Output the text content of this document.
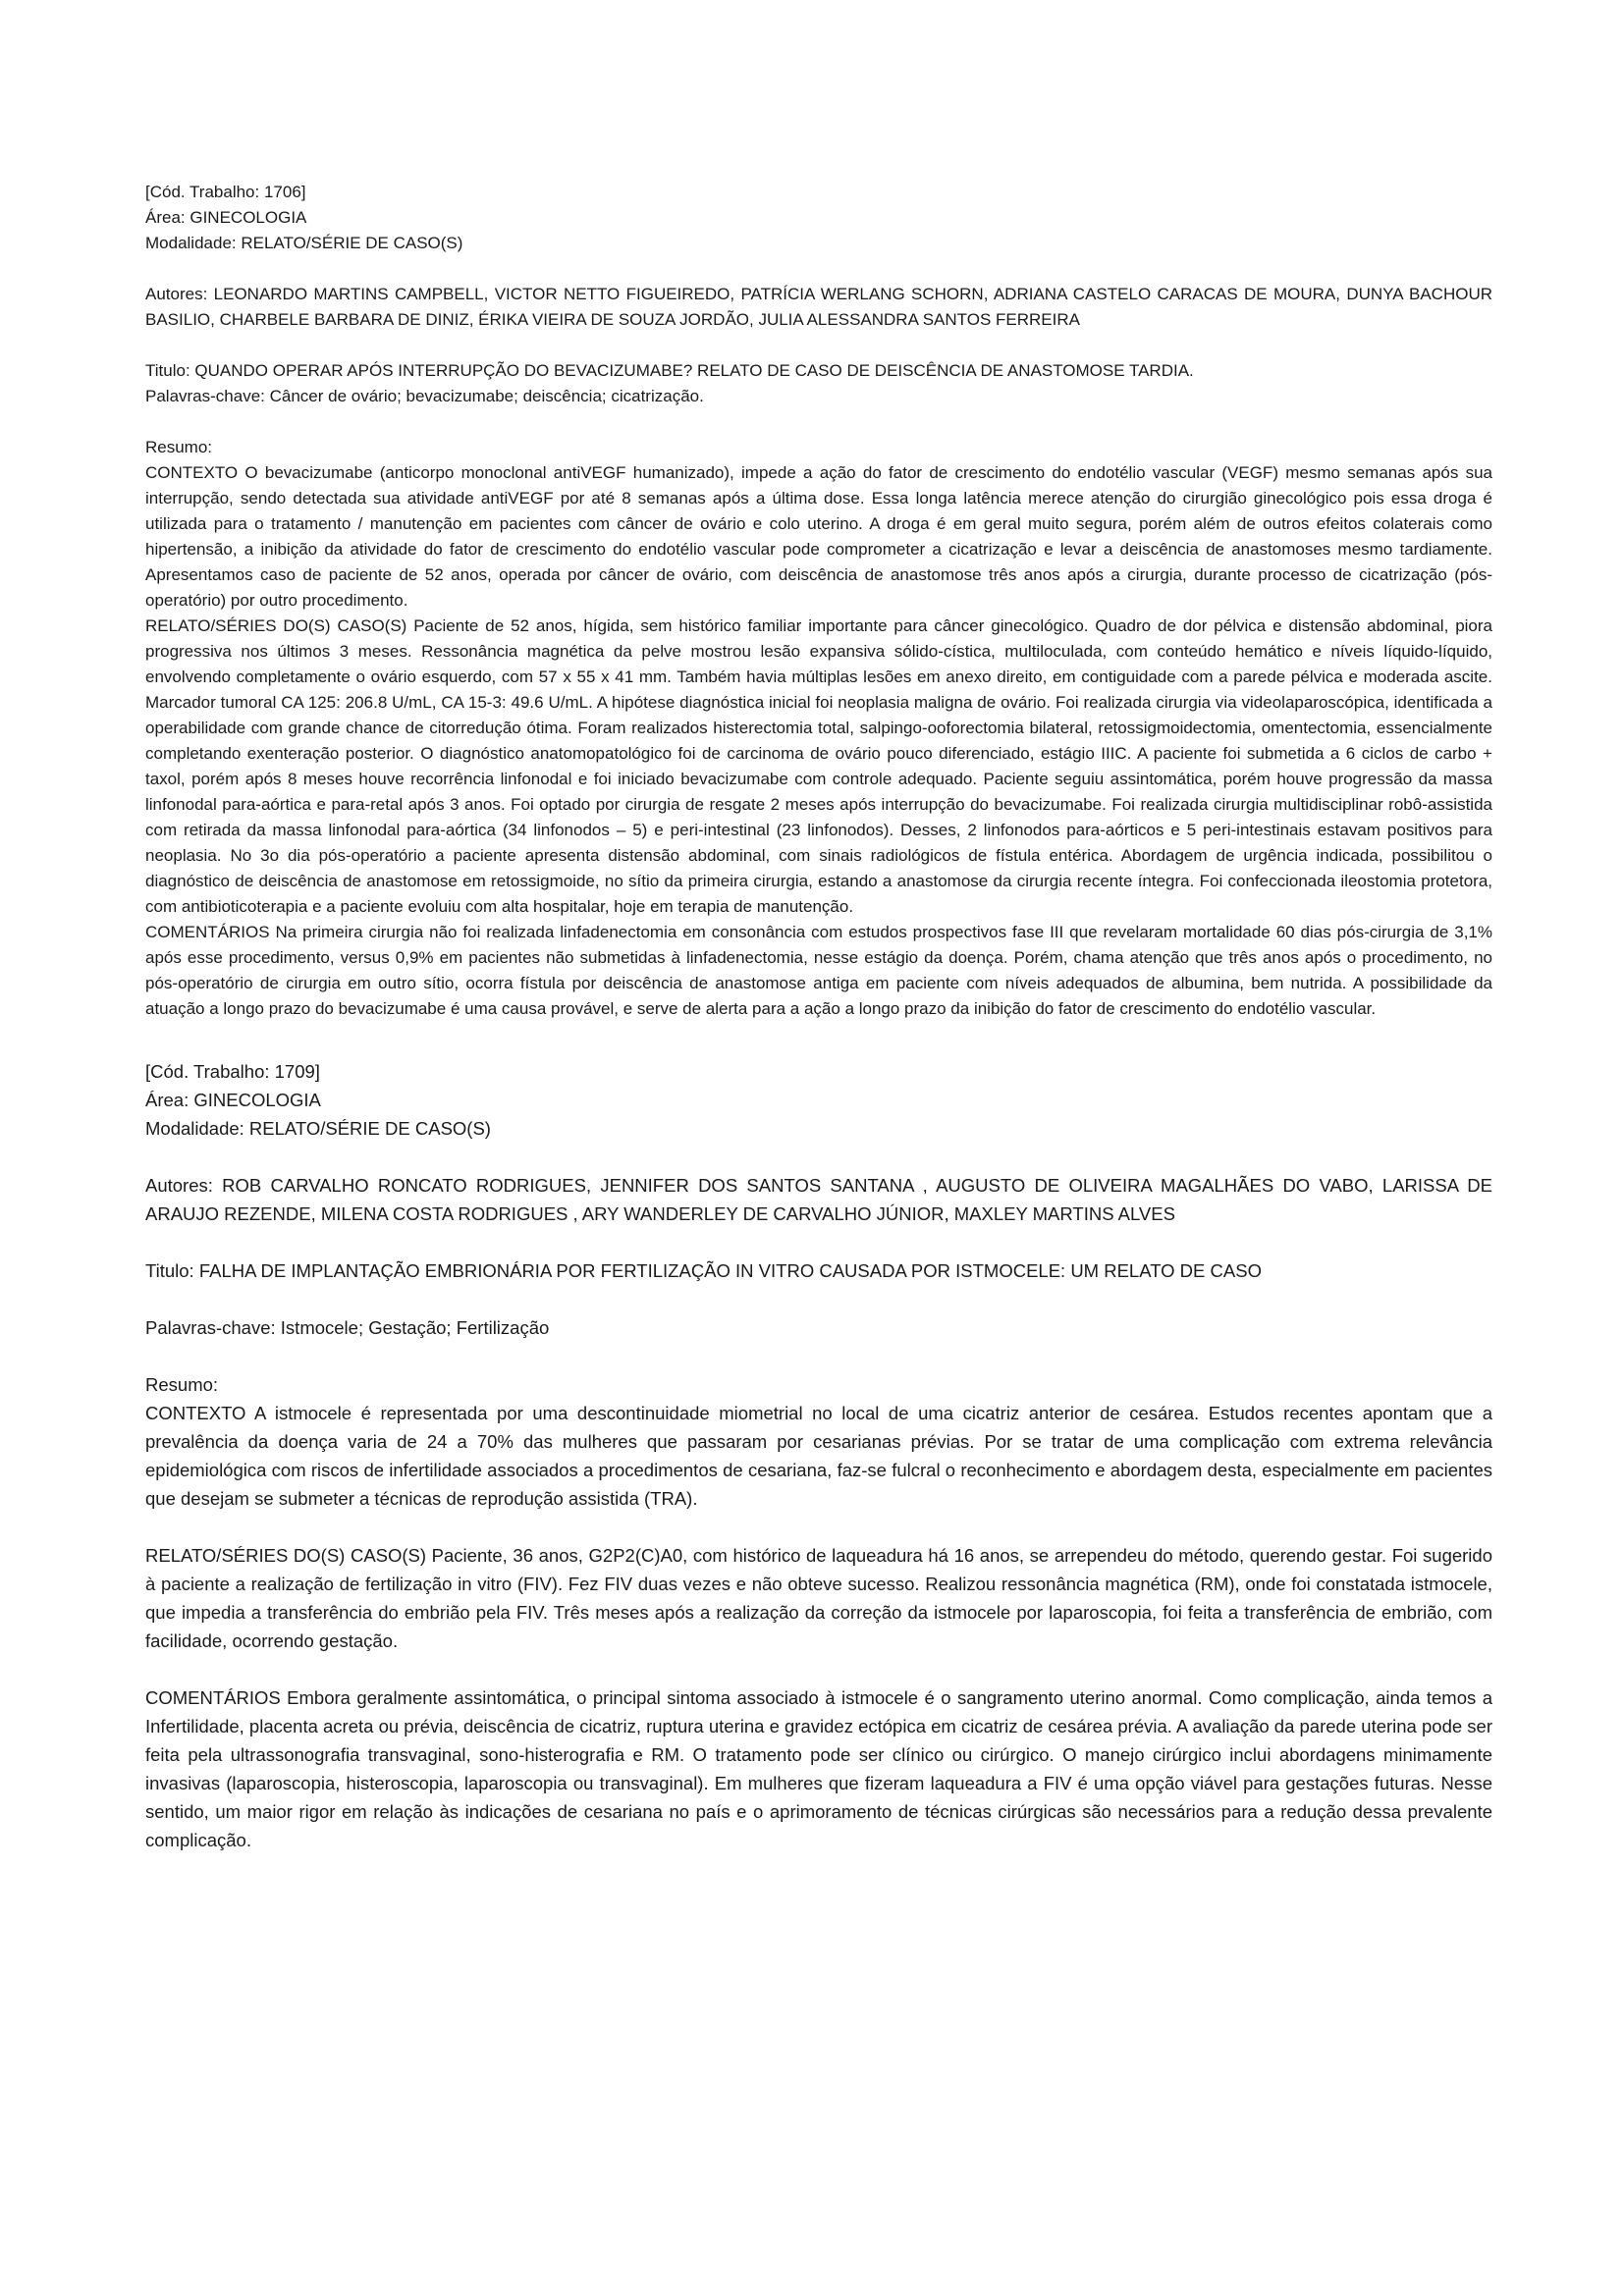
[Cód. Trabalho: 1706]
Área: GINECOLOGIA
Modalidade: RELATO/SÉRIE DE CASO(S)

Autores: LEONARDO MARTINS CAMPBELL, VICTOR NETTO FIGUEIREDO, PATRÍCIA WERLANG SCHORN, ADRIANA CASTELO CARACAS DE MOURA, DUNYA BACHOUR BASILIO, CHARBELE BARBARA DE DINIZ, ÉRIKA VIEIRA DE SOUZA JORDÃO, JULIA ALESSANDRA SANTOS FERREIRA

Titulo: QUANDO OPERAR APÓS INTERRUPÇÃO DO BEVACIZUMABE? RELATO DE CASO DE DEISCÊNCIA DE ANASTOMOSE TARDIA.
Palavras-chave: Câncer de ovário; bevacizumabe; deiscência; cicatrização.
Resumo:

CONTEXTO O bevacizumabe (anticorpo monoclonal antiVEGF humanizado), impede a ação do fator de crescimento do endotélio vascular (VEGF) mesmo semanas após sua interrupção, sendo detectada sua atividade antiVEGF por até 8 semanas após a última dose. Essa longa latência merece atenção do cirurgião ginecológico pois essa droga é utilizada para o tratamento / manutenção em pacientes com câncer de ovário e colo uterino. A droga é em geral muito segura, porém além de outros efeitos colaterais como hipertensão, a inibição da atividade do fator de crescimento do endotélio vascular pode comprometer a cicatrização e levar a deiscência de anastomoses mesmo tardiamente. Apresentamos caso de paciente de 52 anos, operada por câncer de ovário, com deiscência de anastomose três anos após a cirurgia, durante processo de cicatrização (pós-operatório) por outro procedimento.

RELATO/SÉRIES DO(S) CASO(S) Paciente de 52 anos, hígida, sem histórico familiar importante para câncer ginecológico. Quadro de dor pélvica e distensão abdominal, piora progressiva nos últimos 3 meses. Ressonância magnética da pelve mostrou lesão expansiva sólido-cística, multiloculada, com conteúdo hemático e níveis líquido-líquido, envolvendo completamente o ovário esquerdo, com 57 x 55 x 41 mm. Também havia múltiplas lesões em anexo direito, em contiguidade com a parede pélvica e moderada ascite. Marcador tumoral CA 125: 206.8 U/mL, CA 15-3: 49.6 U/mL. A hipótese diagnóstica inicial foi neoplasia maligna de ovário. Foi realizada cirurgia via videolaparoscópica, identificada a operabilidade com grande chance de citorredução ótima. Foram realizados histerectomia total, salpingo-ooforectomia bilateral, retossigmoidectomia, omentectomia, essencialmente completando exenteração posterior. O diagnóstico anatomopatológico foi de carcinoma de ovário pouco diferenciado, estágio IIIC. A paciente foi submetida a 6 ciclos de carbo + taxol, porém após 8 meses houve recorrência linfonodal e foi iniciado bevacizumabe com controle adequado. Paciente seguiu assintomática, porém houve progressão da massa linfonodal para-aórtica e para-retal após 3 anos. Foi optado por cirurgia de resgate 2 meses após interrupção do bevacizumabe. Foi realizada cirurgia multidisciplinar robô-assistida com retirada da massa linfonodal para-aórtica (34 linfonodos – 5) e peri-intestinal (23 linfonodos). Desses, 2 linfonodos para-aórticos e 5 peri-intestinais estavam positivos para neoplasia. No 3o dia pós-operatório a paciente apresenta distensão abdominal, com sinais radiológicos de fístula entérica. Abordagem de urgência indicada, possibilitou o diagnóstico de deiscência de anastomose em retossigmoide, no sítio da primeira cirurgia, estando a anastomose da cirurgia recente íntegra. Foi confeccionada ileostomia protetora, com antibioticoterapia e a paciente evoluiu com alta hospitalar, hoje em terapia de manutenção.

COMENTÁRIOS Na primeira cirurgia não foi realizada linfadenectomia em consonância com estudos prospectivos fase III que revelaram mortalidade 60 dias pós-cirurgia de 3,1% após esse procedimento, versus 0,9% em pacientes não submetidas à linfadenectomia, nesse estágio da doença. Porém, chama atenção que três anos após o procedimento, no pós-operatório de cirurgia em outro sítio, ocorra fístula por deiscência de anastomose antiga em paciente com níveis adequados de albumina, bem nutrida. A possibilidade da atuação a longo prazo do bevacizumabe é uma causa provável, e serve de alerta para a ação a longo prazo da inibição do fator de crescimento do endotélio vascular.

[Cód. Trabalho: 1709]
Área: GINECOLOGIA
Modalidade: RELATO/SÉRIE DE CASO(S)

Autores: ROB CARVALHO RONCATO RODRIGUES, JENNIFER DOS SANTOS SANTANA , AUGUSTO DE OLIVEIRA MAGALHÃES DO VABO, LARISSA DE ARAUJO REZENDE, MILENA COSTA RODRIGUES , ARY WANDERLEY DE CARVALHO JÚNIOR, MAXLEY MARTINS ALVES

Titulo: FALHA DE IMPLANTAÇÃO EMBRIONÁRIA POR FERTILIZAÇÃO IN VITRO CAUSADA POR ISTMOCELE: UM RELATO DE CASO
Palavras-chave: Istmocele; Gestação; Fertilização
Resumo:

CONTEXTO A istmocele é representada por uma descontinuidade miometrial no local de uma cicatriz anterior de cesárea. Estudos recentes apontam que a prevalência da doença varia de 24 a 70% das mulheres que passaram por cesarianas prévias. Por se tratar de uma complicação com extrema relevância epidemiológica com riscos de infertilidade associados a procedimentos de cesariana, faz-se fulcral o reconhecimento e abordagem desta, especialmente em pacientes que desejam se submeter a técnicas de reprodução assistida (TRA).

RELATO/SÉRIES DO(S) CASO(S) Paciente, 36 anos, G2P2(C)A0, com histórico de laqueadura há 16 anos, se arrependeu do método, querendo gestar. Foi sugerido à paciente a realização de fertilização in vitro (FIV). Fez FIV duas vezes e não obteve sucesso. Realizou ressonância magnética (RM), onde foi constatada istmocele, que impedia a transferência do embrião pela FIV. Três meses após a realização da correção da istmocele por laparoscopia, foi feita a transferência de embrião, com facilidade, ocorrendo gestação.

COMENTÁRIOS Embora geralmente assintomática, o principal sintoma associado à istmocele é o sangramento uterino anormal. Como complicação, ainda temos a Infertilidade, placenta acreta ou prévia, deiscência de cicatriz, ruptura uterina e gravidez ectópica em cicatriz de cesárea prévia. A avaliação da parede uterina pode ser feita pela ultrassonografia transvaginal, sono-histerografia e RM. O tratamento pode ser clínico ou cirúrgico. O manejo cirúrgico inclui abordagens minimamente invasivas (laparoscopia, histeroscopia, laparoscopia ou transvaginal). Em mulheres que fizeram laqueadura a FIV é uma opção viável para gestações futuras. Nesse sentido, um maior rigor em relação às indicações de cesariana no país e o aprimoramento de técnicas cirúrgicas são necessários para a redução dessa prevalente complicação.
